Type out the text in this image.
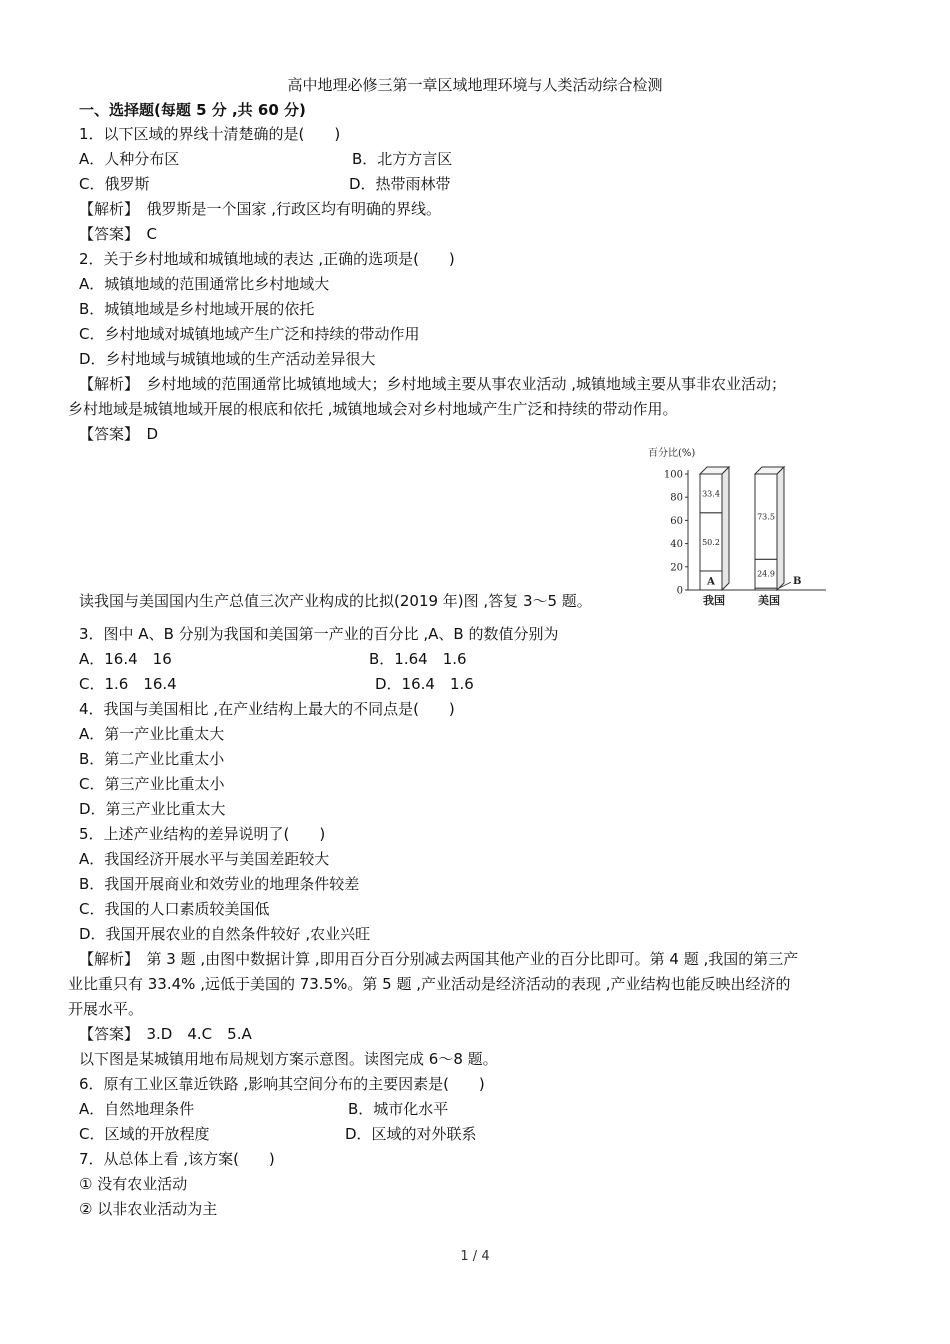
高中地理必修三第一章区域地理环境与人类活动综合检测
一、选择题(每题 5 分 ,共 60 分)
1．以下区域的界线十清楚确的是(　　)
A．人种分布区	B．北方方言区
C．俄罗斯	D．热带雨林带
【解析】　俄罗斯是一个国家 ,行政区均有明确的界线。
【答案】　C
2．关于乡村地域和城镇地域的表达 ,正确的选项是(　　)
A．城镇地域的范围通常比乡村地域大
B．城镇地域是乡村地域开展的依托
C．乡村地域对城镇地域产生广泛和持续的带动作用
D．乡村地域与城镇地域的生产活动差异很大
【解析】　乡村地域的范围通常比城镇地域大；乡村地域主要从事农业活动 ,城镇地域主要从事非农业活动；
乡村地域是城镇地域开展的根底和依托 ,城镇地域会对乡村地域产生广泛和持续的带动作用。
【答案】　D
百分比(%)
0
20
40
60
80
100
50.2
33.4
24.9
73.5
A	B
我国	美国
读我国与美国国内生产总值三次产业构成的比拟(2019 年)图 ,答复 3～5 题。
3．图中 A、B 分别为我国和美国第一产业的百分比 ,A、B 的数值分别为
A．16.4　16	B．1.64　1.6
C．1.6　16.4	D．16.4　1.6
4．我国与美国相比 ,在产业结构上最大的不同点是(　　)
A．第一产业比重太大
B．第二产业比重太小
C．第三产业比重太小
D．第三产业比重太大
5．上述产业结构的差异说明了(　　)
A．我国经济开展水平与美国差距较大
B．我国开展商业和效劳业的地理条件较差
C．我国的人口素质较美国低
D．我国开展农业的自然条件较好 ,农业兴旺
【解析】　第 3 题 ,由图中数据计算 ,即用百分百分别减去两国其他产业的百分比即可。第 4 题 ,我国的第三产
业比重只有 33.4% ,远低于美国的 73.5%。第 5 题 ,产业活动是经济活动的表现 ,产业结构也能反映出经济的
开展水平。
【答案】　3.D　4.C　5.A
以下图是某城镇用地布局规划方案示意图。读图完成 6～8 题。
6．原有工业区靠近铁路 ,影响其空间分布的主要因素是(　　)
A．自然地理条件	B．城市化水平
C．区域的开放程度	D．区域的对外联系
7．从总体上看 ,该方案(　　)
① 没有农业活动
② 以非农业活动为主
1 / 4
